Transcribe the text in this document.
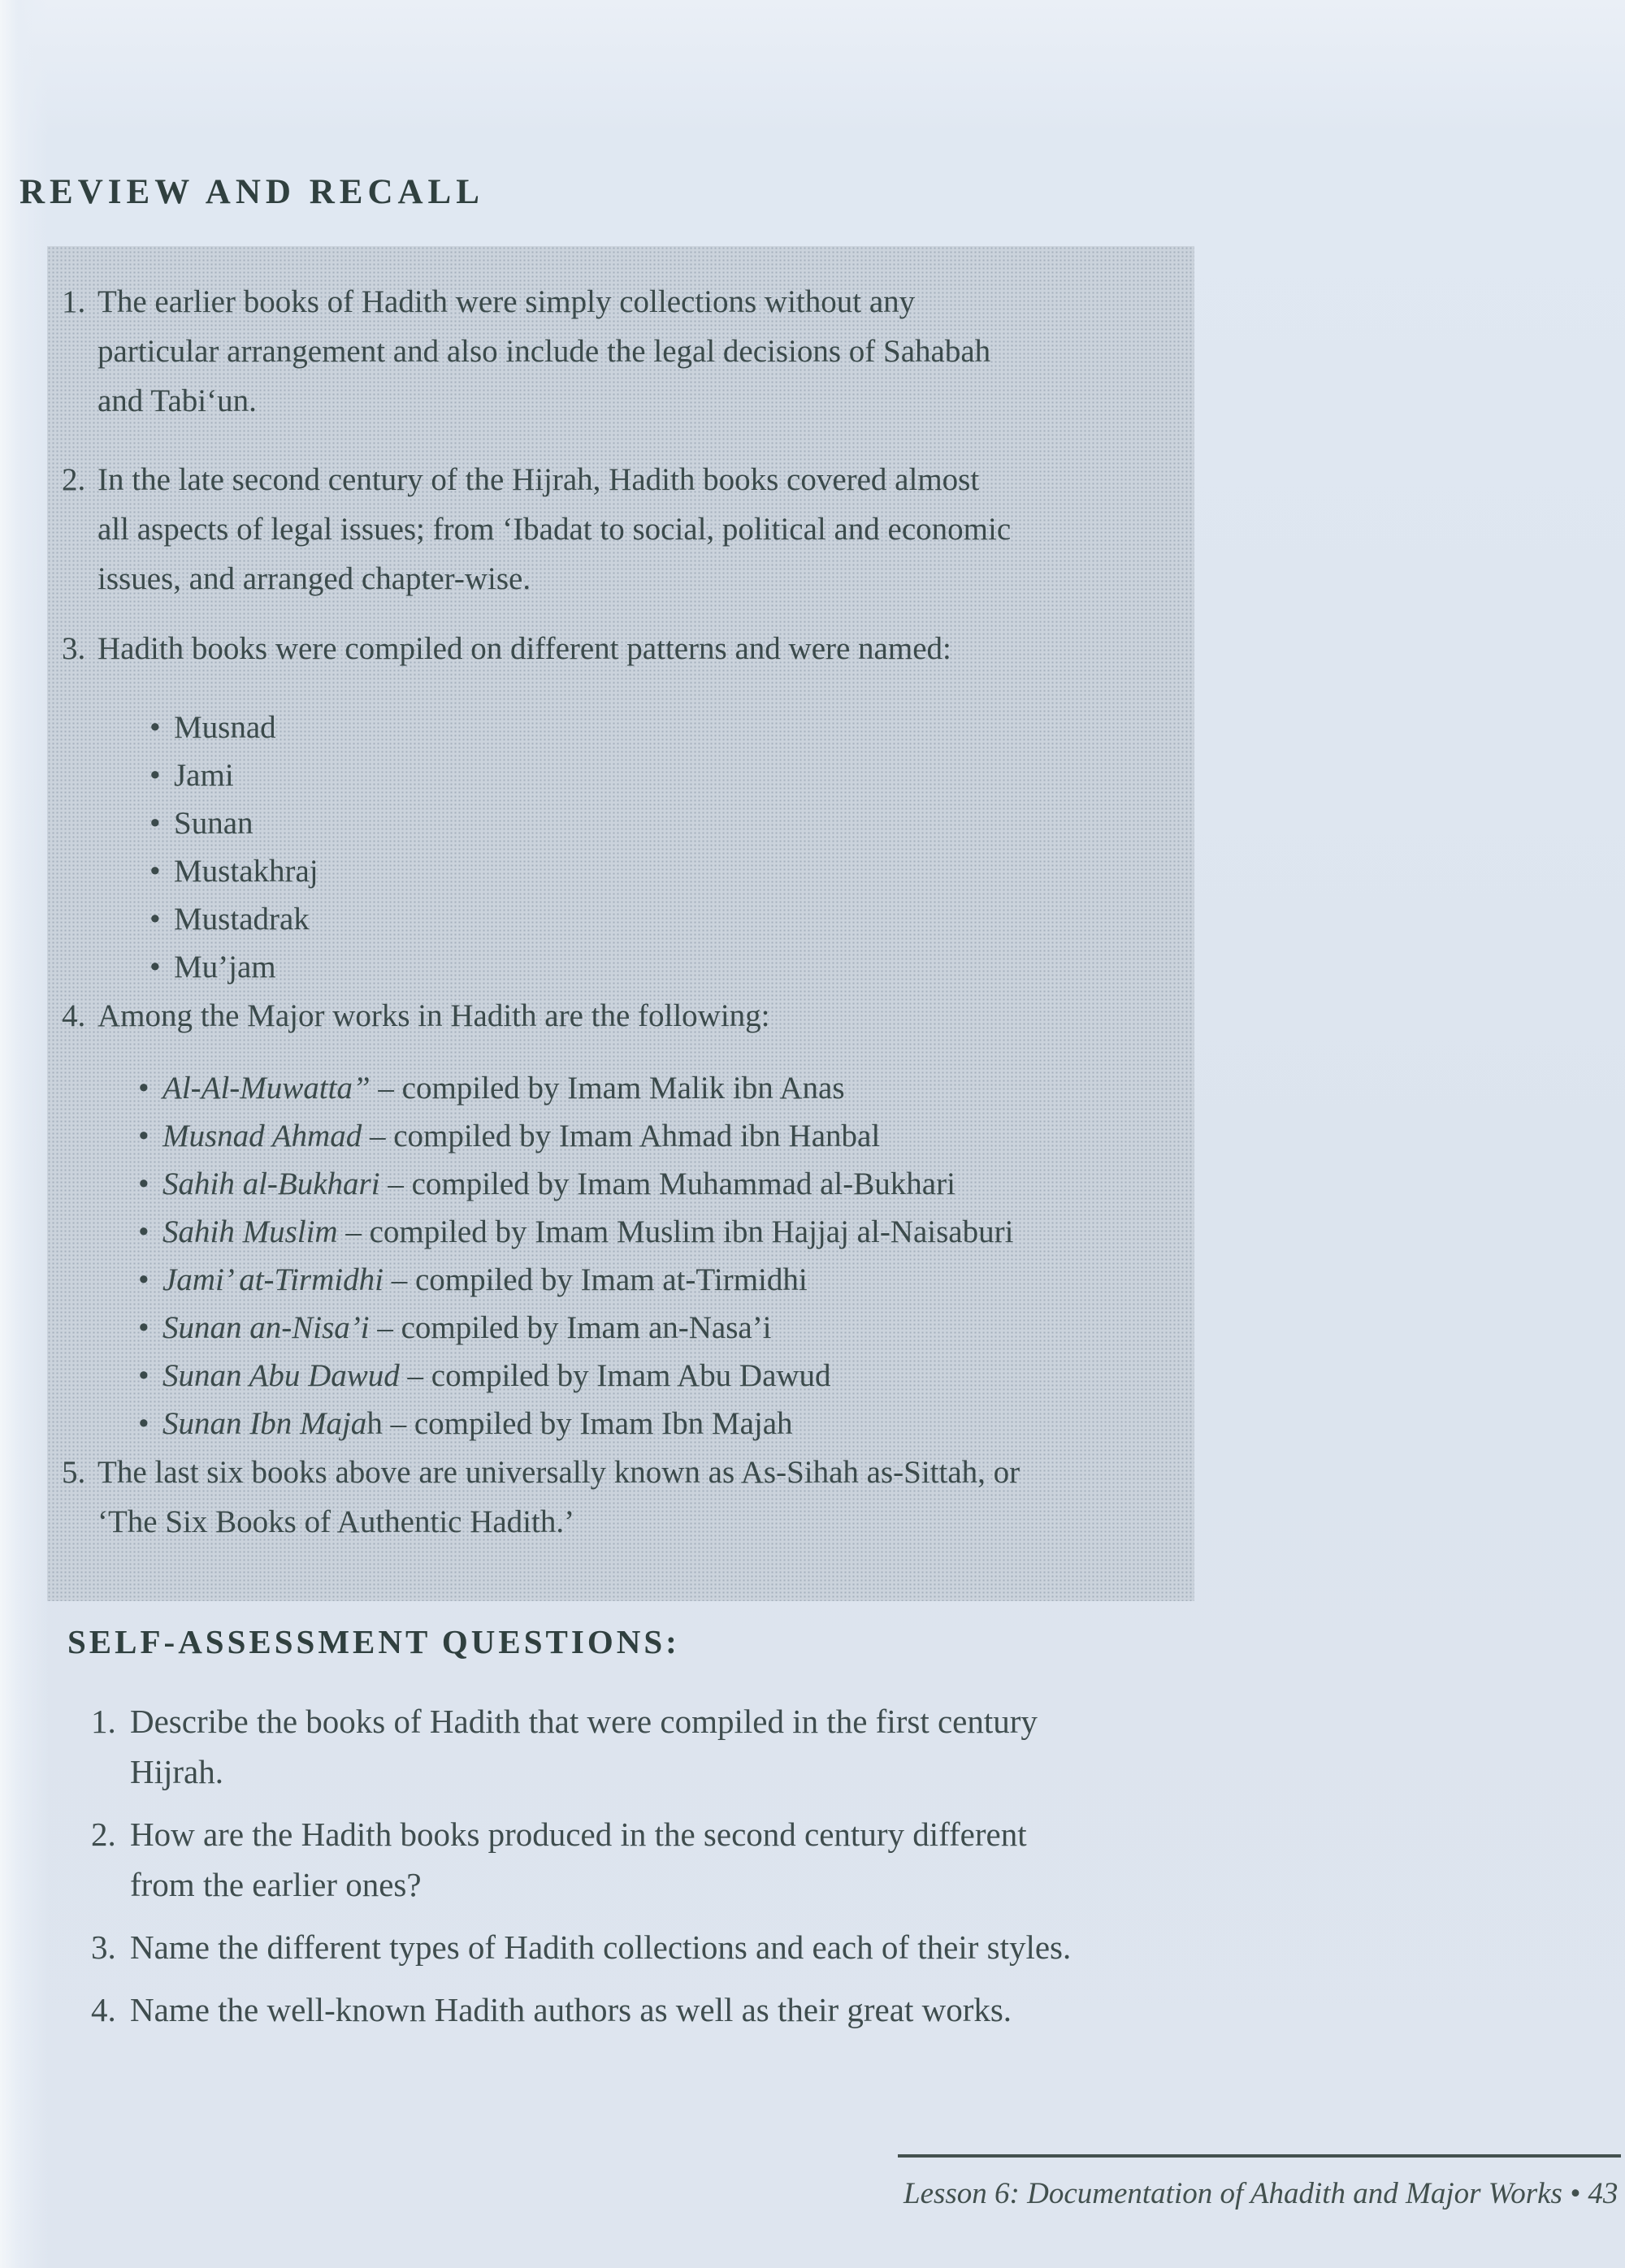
REVIEW AND RECALL
1. The earlier books of Hadith were simply collections without any
particular arrangement and also include the legal decisions of Sahabah
and Tabi‘un.
2. In the late second century of the Hijrah, Hadith books covered almost
all aspects of legal issues; from ‘Ibadat to social, political and economic
issues, and arranged chapter-wise.
3. Hadith books were compiled on different patterns and were named:
• Musnad
• Jami
• Sunan
• Mustakhraj
• Mustadrak
• Mu’jam
4. Among the Major works in Hadith are the following:
• Al-Al-Muwatta” – compiled by Imam Malik ibn Anas
• Musnad Ahmad – compiled by Imam Ahmad ibn Hanbal
• Sahih al-Bukhari – compiled by Imam Muhammad al-Bukhari
• Sahih Muslim – compiled by Imam Muslim ibn Hajjaj al-Naisaburi
• Jami’ at-Tirmidhi – compiled by Imam at-Tirmidhi
• Sunan an-Nisa’i – compiled by Imam an-Nasa’i
• Sunan Abu Dawud – compiled by Imam Abu Dawud
• Sunan Ibn Majah – compiled by Imam Ibn Majah
5. The last six books above are universally known as As-Sihah as-Sittah, or
‘The Six Books of Authentic Hadith.’
SELF-ASSESSMENT QUESTIONS:
1. Describe the books of Hadith that were compiled in the first century
Hijrah.
2. How are the Hadith books produced in the second century different
from the earlier ones?
3. Name the different types of Hadith collections and each of their styles.
4. Name the well-known Hadith authors as well as their great works.
Lesson 6: Documentation of Ahadith and Major Works • 43
